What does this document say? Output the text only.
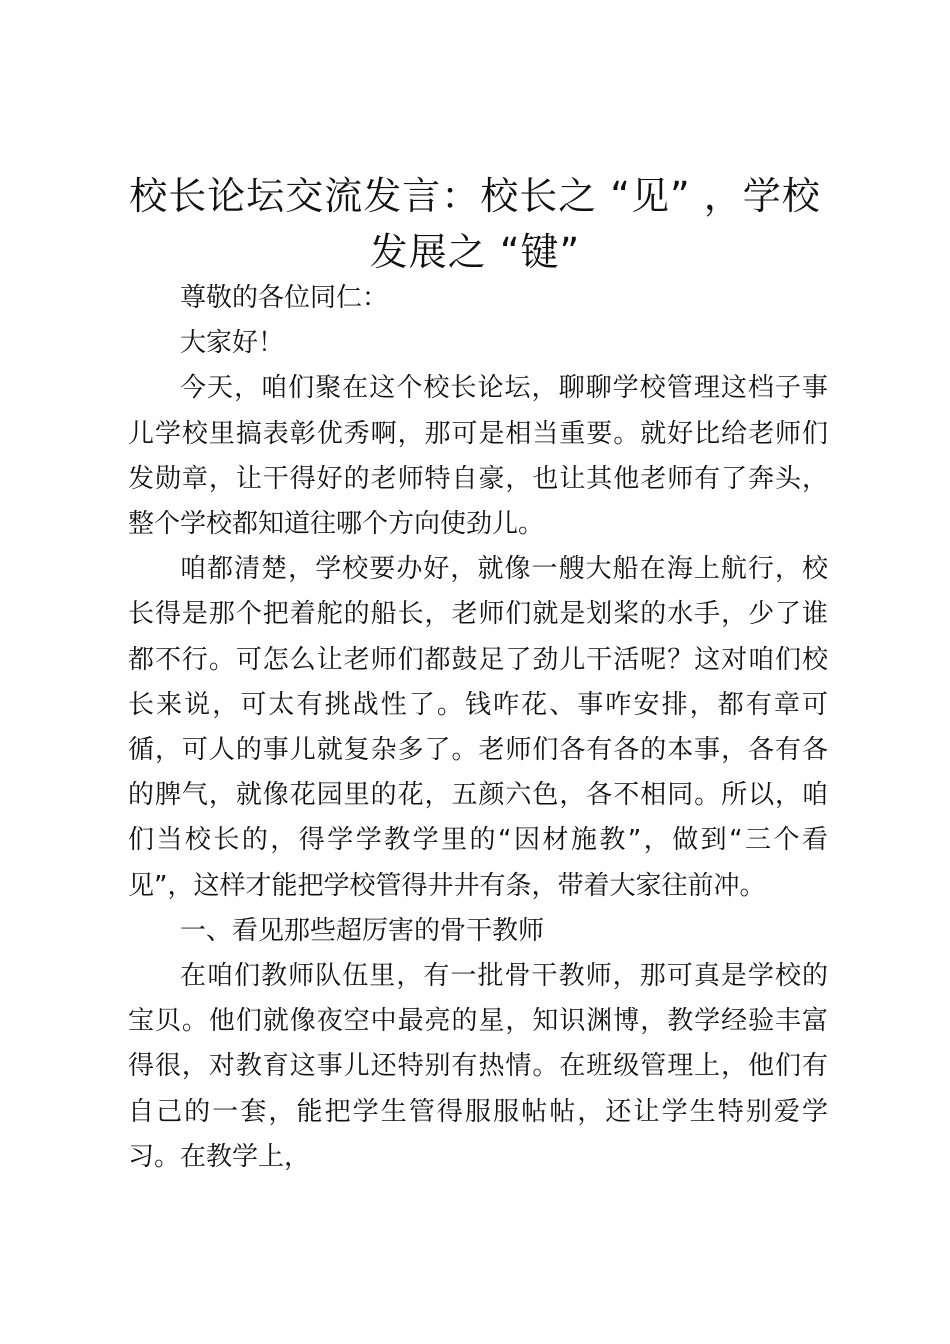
校长论坛交流发言：校长之 “见” ，学校发展之 “键”

尊敬的各位同仁：

大家好！

今天，咱们聚在这个校长论坛，聊聊学校管理这档子事儿学校里搞表彰优秀啊，那可是相当重要。就好比给老师们发勋章，让干得好的老师特自豪，也让其他老师有了奔头，整个学校都知道往哪个方向使劲儿。

咱都清楚，学校要办好，就像一艘大船在海上航行，校长得是那个把着舵的船长，老师们就是划桨的水手，少了谁都不行。可怎么让老师们都鼓足了劲儿干活呢？这对咱们校长来说，可太有挑战性了。钱咋花、事咋安排，都有章可循，可人的事儿就复杂多了。老师们各有各的本事，各有各的脾气，就像花园里的花，五颜六色，各不相同。所以，咱们当校长的，得学学教学里的“因材施教”，做到“三个看见”，这样才能把学校管得井井有条，带着大家往前冲。

一、看见那些超厉害的骨干教师

在咱们教师队伍里，有一批骨干教师，那可真是学校的宝贝。他们就像夜空中最亮的星，知识渊博，教学经验丰富得很，对教育这事儿还特别有热情。在班级管理上，他们有自己的一套，能把学生管得服服帖帖，还让学生特别爱学习。在教学上，
